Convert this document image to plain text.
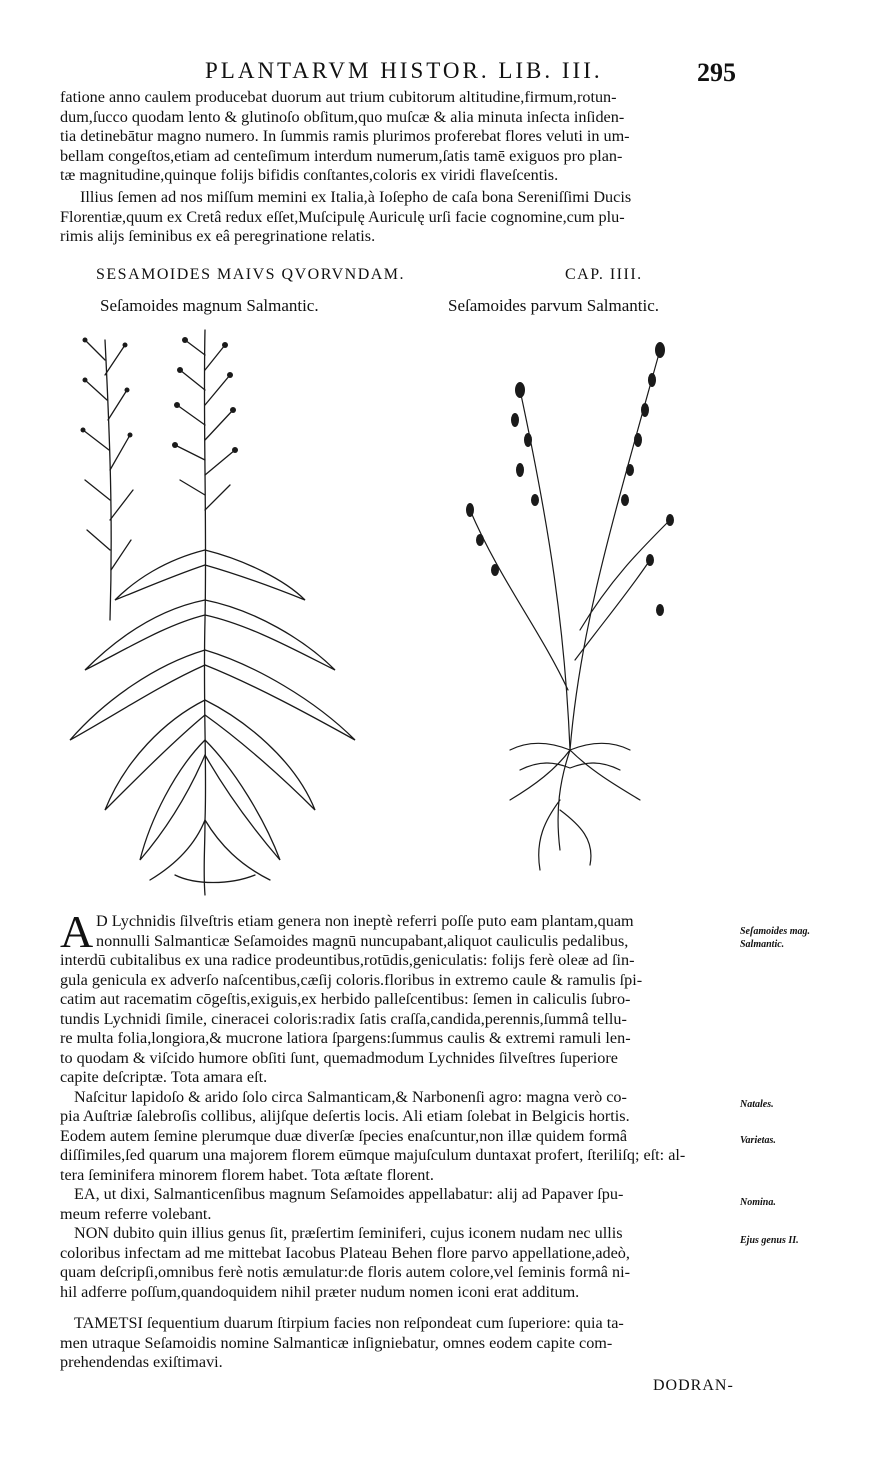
PLANTARVM HISTOR. LIB. III.	295
fatione anno caulem producebat duorum aut trium cubitorum altitudine,firmum,rotun-
dum,ſucco quodam lento & glutinoſo obſitum,quo muſcæ & alia minuta inſecta inſiden-
tia detinebātur magno numero. In ſummis ramis plurimos proferebat flores veluti in um-
bellam congeſtos,etiam ad centeſimum interdum numerum,ſatis tamē exiguos pro plan-
tæ magnitudine,quinque folijs bifidis conſtantes,coloris ex viridi flaveſcentis.
Illius ſemen ad nos miſſum memini ex Italia,à Ioſepho de caſa bona Sereniſſimi Ducis
Florentiæ,quum ex Cretâ redux eſſet,Muſcipulę Auriculę urſi facie cognomine,cum plu-
rimis alijs ſeminibus ex eâ peregrinatione relatis.
SESAMOIDES MAIVS QVORVNDAM.	CAP. IIII.
Seſamoides magnum Salmantic.	Seſamoides parvum Salmantic.
A D Lychnidis ſilveſtris etiam genera non ineptè referri poſſe puto eam plantam,quam
nonnulli Salmanticæ Seſamoides magnū nuncupabant,aliquot cauliculis pedalibus,
interdū cubitalibus ex una radice prodeuntibus,rotūdis,geniculatis: folijs ferè oleæ ad ſin-
gula genicula ex adverſo naſcentibus,cæſij coloris.floribus in extremo caule & ramulis ſpi-
catim aut racematim cōgeſtis,exiguis,ex herbido palleſcentibus: ſemen in caliculis ſubro-
tundis Lychnidi ſimile, cineracei coloris:radix ſatis craſſa,candida,perennis,ſummâ tellu-
re multa folia,longiora,& mucrone latiora ſpargens:ſummus caulis & extremi ramuli len-
to quodam & viſcido humore obſiti ſunt, quemadmodum Lychnides ſilveſtres ſuperiore
capite deſcriptæ. Tota amara eſt.
Naſcitur lapidoſo & arido ſolo circa Salmanticam,& Narbonenſi agro: magna verò co-
pia Auſtriæ ſalebroſis collibus, alijſque deſertis locis. Ali etiam ſolebat in Belgicis hortis.
Eodem autem ſemine plerumque duæ diverſæ ſpecies enaſcuntur,non illæ quidem formâ
diſſimiles,ſed quarum una majorem florem eūmque majuſculum duntaxat profert, ſteriliſq; eſt: al-
tera ſeminifera minorem florem habet. Tota æſtate florent.
EA, ut dixi, Salmanticenſibus magnum Seſamoides appellabatur: alij ad Papaver ſpu-
meum referre volebant.
NON dubito quin illius genus ſit, præſertim ſeminiferi, cujus iconem nudam nec ullis
coloribus infectam ad me mittebat Iacobus Plateau Behen flore parvo appellatione,adeò,
quam deſcripſi,omnibus ferè notis æmulatur:de floris autem colore,vel ſeminis formâ ni-
hil adferre poſſum,quandoquidem nihil præter nudum nomen iconi erat additum.
TAMETSI ſequentium duarum ſtirpium facies non reſpondeat cum ſuperiore: quia ta-
men utraque Seſamoidis nomine Salmanticæ inſigniebatur, omnes eodem capite com-
prehendendas exiſtimavi.
Seſamoides mag. Salmantic.
Natales.
Varietas.
Nomina.
Ejus genus II.
DODRAN-
